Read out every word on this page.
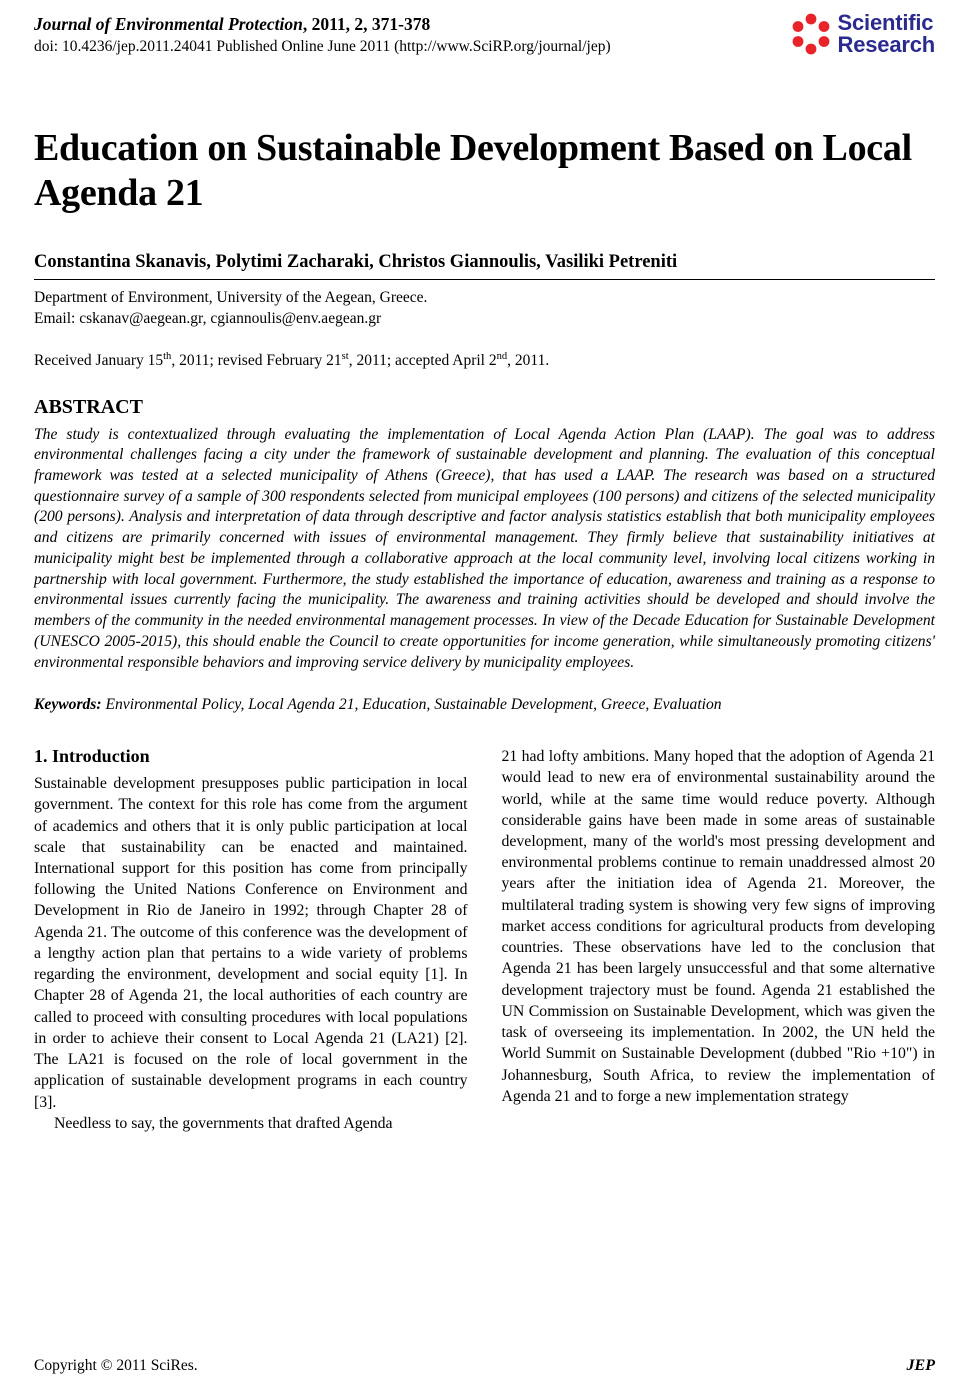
Journal of Environmental Protection, 2011, 2, 371-378
doi: 10.4236/jep.2011.24041 Published Online June 2011 (http://www.SciRP.org/journal/jep)
Scientific
Research
Education on Sustainable Development Based on Local Agenda 21
Constantina Skanavis, Polytimi Zacharaki, Christos Giannoulis, Vasiliki Petreniti
Department of Environment, University of the Aegean, Greece.
Email: cskanav@aegean.gr, cgiannoulis@env.aegean.gr
Received January 15th, 2011; revised February 21st, 2011; accepted April 2nd, 2011.
ABSTRACT
The study is contextualized through evaluating the implementation of Local Agenda Action Plan (LAAP). The goal was to address environmental challenges facing a city under the framework of sustainable development and planning. The evaluation of this conceptual framework was tested at a selected municipality of Athens (Greece), that has used a LAAP. The research was based on a structured questionnaire survey of a sample of 300 respondents selected from municipal employees (100 persons) and citizens of the selected municipality (200 persons). Analysis and interpretation of data through descriptive and factor analysis statistics establish that both municipality employees and citizens are primarily concerned with issues of environmental management. They firmly believe that sustainability initiatives at municipality might best be implemented through a collaborative approach at the local community level, involving local citizens working in partnership with local government. Furthermore, the study established the importance of education, awareness and training as a response to environmental issues currently facing the municipality. The awareness and training activities should be developed and should involve the members of the community in the needed environmental management processes. In view of the Decade Education for Sustainable Development (UNESCO 2005-2015), this should enable the Council to create opportunities for income generation, while simultaneously promoting citizens' environmental responsible behaviors and improving service delivery by municipality employees.
Keywords: Environmental Policy, Local Agenda 21, Education, Sustainable Development, Greece, Evaluation
1. Introduction

Sustainable development presupposes public participation in local government. The context for this role has come from the argument of academics and others that it is only public participation at local scale that sustainability can be enacted and maintained. International support for this position has come from principally following the United Nations Conference on Environment and Development in Rio de Janeiro in 1992; through Chapter 28 of Agenda 21. The outcome of this conference was the development of a lengthy action plan that pertains to a wide variety of problems regarding the environment, development and social equity [1]. In Chapter 28 of Agenda 21, the local authorities of each country are called to proceed with consulting procedures with local populations in order to achieve their consent to Local Agenda 21 (LA21) [2]. The LA21 is focused on the role of local government in the application of sustainable development programs in each country [3].

Needless to say, the governments that drafted Agenda

21 had lofty ambitions. Many hoped that the adoption of Agenda 21 would lead to new era of environmental sustainability around the world, while at the same time would reduce poverty. Although considerable gains have been made in some areas of sustainable development, many of the world's most pressing development and environmental problems continue to remain unaddressed almost 20 years after the initiation idea of Agenda 21. Moreover, the multilateral trading system is showing very few signs of improving market access conditions for agricultural products from developing countries. These observations have led to the conclusion that Agenda 21 has been largely unsuccessful and that some alternative development trajectory must be found. Agenda 21 established the UN Commission on Sustainable Development, which was given the task of overseeing its implementation. In 2002, the UN held the World Summit on Sustainable Development (dubbed "Rio +10") in Johannesburg, South Africa, to review the implementation of Agenda 21 and to forge a new implementation strategy

Copyright © 2011 SciRes.	JEP
